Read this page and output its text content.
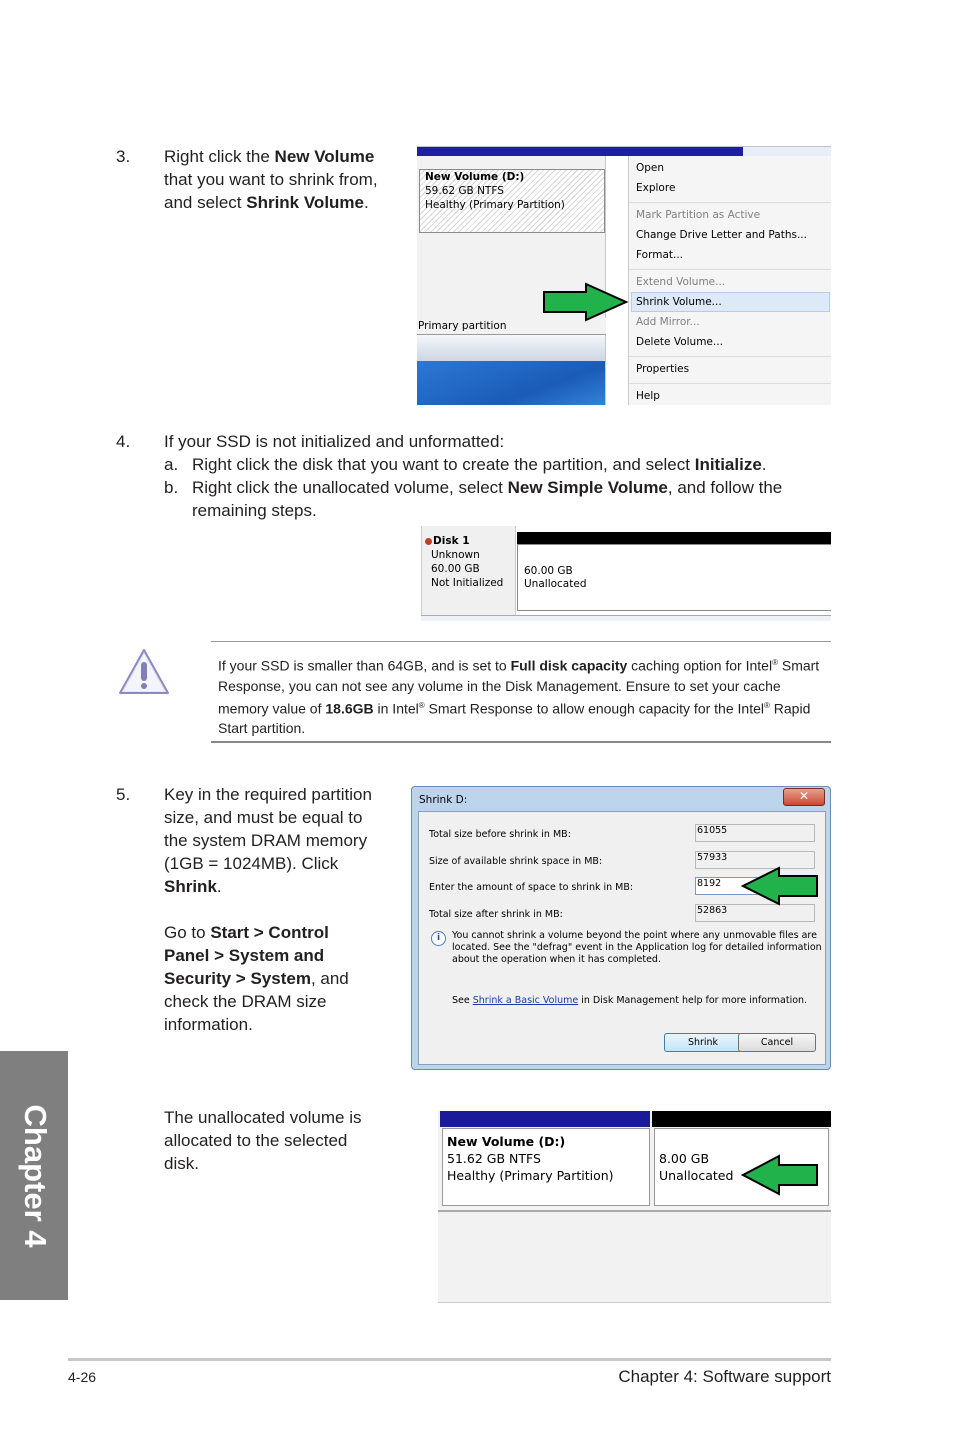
3. Right click the New Volume
that you want to shrink from,
and select Shrink Volume.
New Volume (D:)
59.62 GB NTFS
Healthy (Primary Partition)
Primary partition
Open
Explore
Mark Partition as Active
Change Drive Letter and Paths...
Format...
Extend Volume...
Shrink Volume...
Add Mirror...
Delete Volume...
Properties
Help
4. If your SSD is not initialized and unformatted:
a. Right click the disk that you want to create the partition, and select Initialize.
b. Right click the unallocated volume, select New Simple Volume, and follow the
remaining steps.
Disk 1
Unknown
60.00 GB
Not Initialized
60.00 GB
Unallocated
If your SSD is smaller than 64GB, and is set to Full disk capacity caching option for Intel® Smart Response, you can not see any volume in the Disk Management. Ensure to set your cache memory value of 18.6GB in Intel® Smart Response to allow enough capacity for the Intel® Rapid Start partition.
5. Key in the required partition
size, and must be equal to
the system DRAM memory
(1GB = 1024MB). Click
Shrink.

Go to Start > Control
Panel > System and
Security > System, and
check the DRAM size
information.
Shrink D:	✕
Total size before shrink in MB:	61055
Size of available shrink space in MB:	57933
Enter the amount of space to shrink in MB:	8192
Total size after shrink in MB:	52863
i	You cannot shrink a volume beyond the point where any unmovable files are located. See the "defrag" event in the Application log for detailed information about the operation when it has completed.
See Shrink a Basic Volume in Disk Management help for more information.
Shrink	Cancel
The unallocated volume is
allocated to the selected
disk.
New Volume (D:)
51.62 GB NTFS
Healthy (Primary Partition)
8.00 GB
Unallocated
Chapter 4
4-26	Chapter 4: Software support
